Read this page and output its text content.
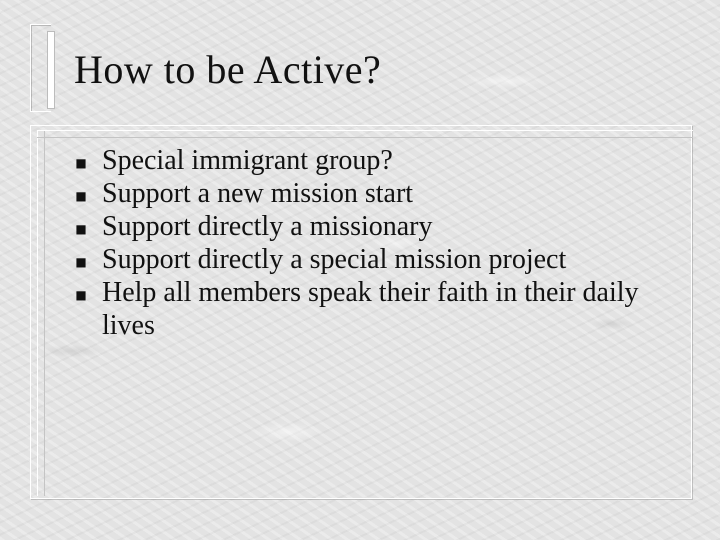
How to be Active?
■ Special immigrant group?
■ Support a new mission start
■ Support directly a missionary
■ Support directly a special mission project
■ Help all members speak their faith in their daily lives
